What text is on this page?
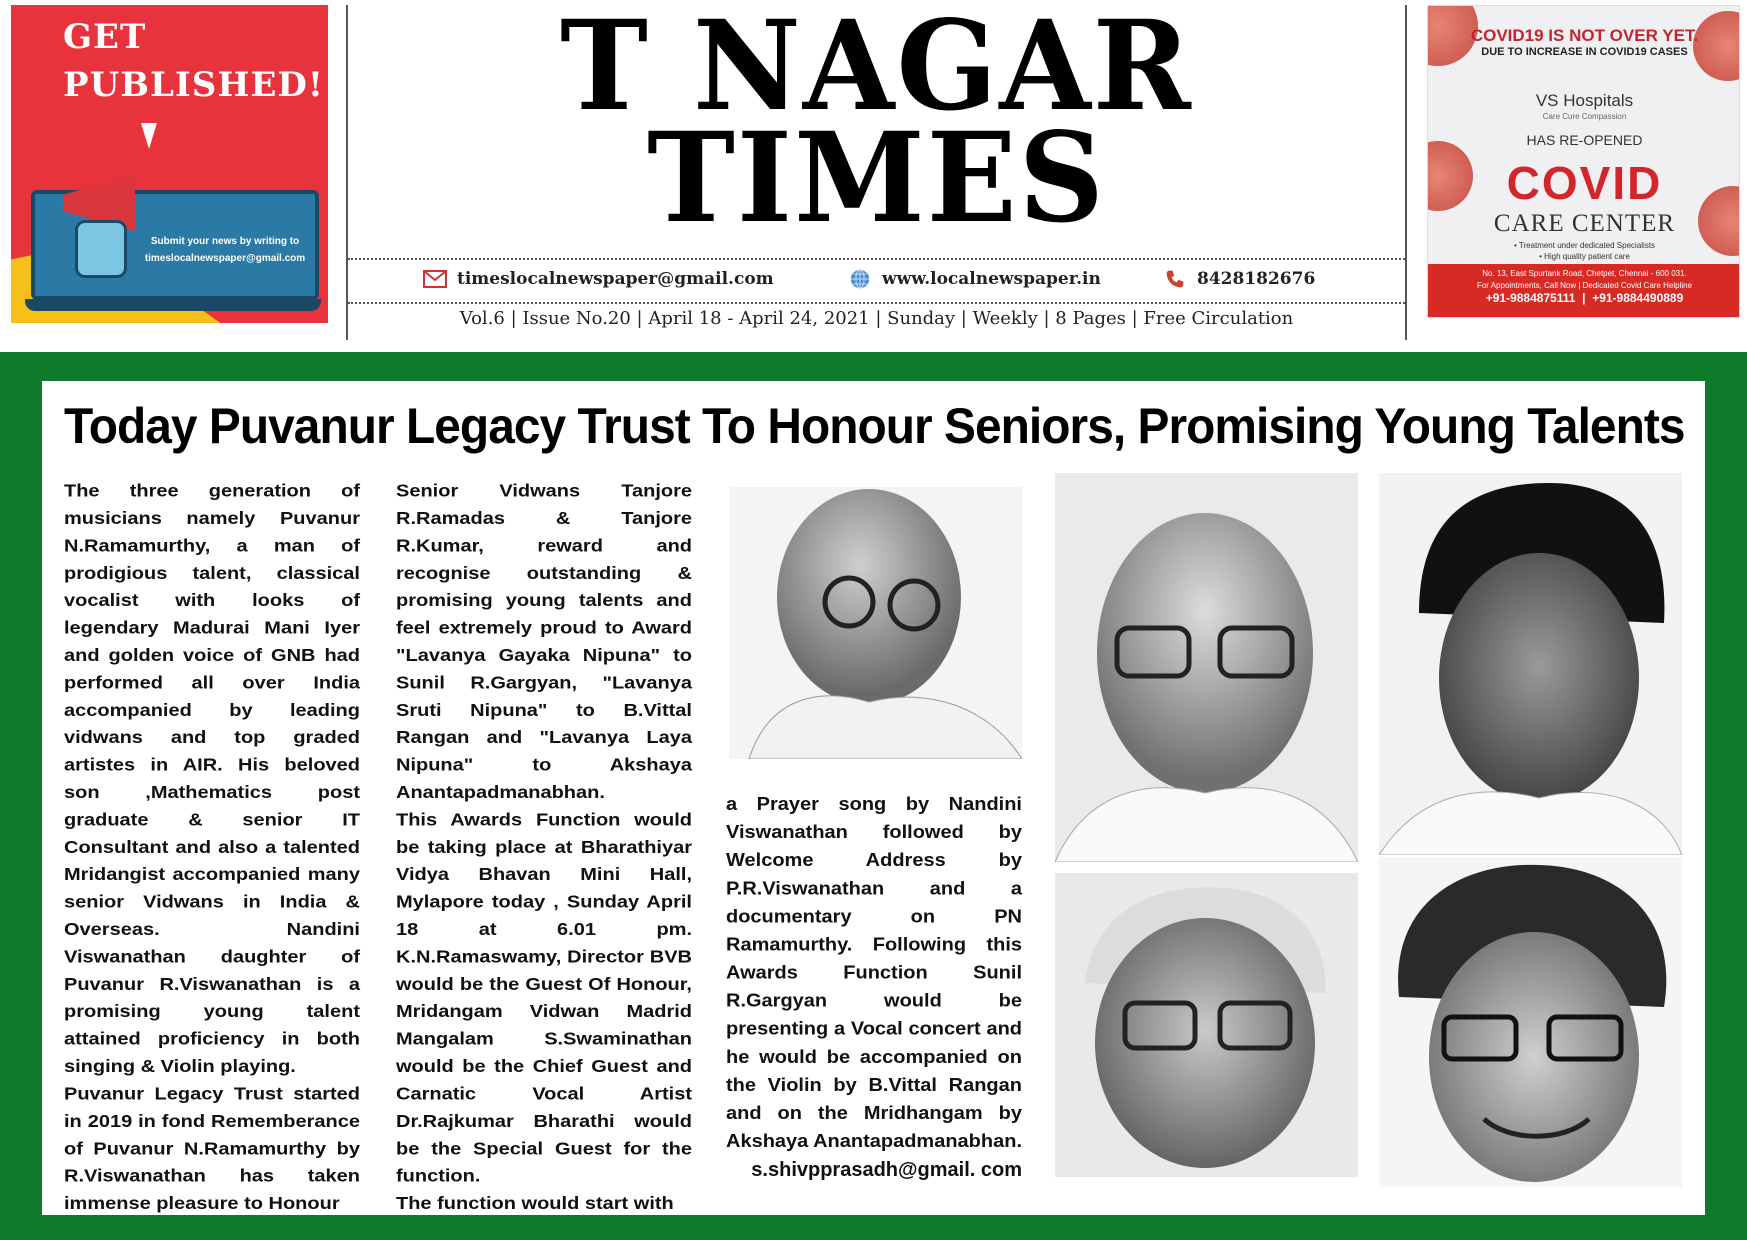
GET
PUBLISHED!
Submit your news by writing to
timeslocalnewspaper@gmail.com
T NAGAR
TIMES
timeslocalnewspaper@gmail.com	www.localnewspaper.in	8428182676
Vol.6 | Issue No.20 | April 18 - April 24, 2021 | Sunday | Weekly | 8 Pages | Free Circulation
COVID19 IS NOT OVER YET.
DUE TO INCREASE IN COVID19 CASES
VS Hospitals
Care Cure Compassion
HAS RE-OPENED
COVID
CARE CENTER
• Treatment under dedicated Specialists
• High quality patient care
No. 13, East Spurtank Road, Chetpet, Chennai - 600 031.
For Appointments, Call Now | Dedicated Covid Care Helpline
+91-9884875111  |  +91-9884490889
Today Puvanur Legacy Trust To Honour Seniors, Promising Young Talents

The three generation of musicians namely Puvanur N.Ramamurthy, a man of prodigious talent, classical vocalist with looks of legendary Madurai Mani Iyer and golden voice of GNB had performed all over India accompanied by leading vidwans and top graded artistes in AIR. His beloved son ,Mathematics post graduate & senior IT Consultant and also a talented Mridangist accompanied many senior Vidwans in India & Overseas. Nandini Viswanathan daughter of Puvanur R.Viswanathan is a promising young talent attained proficiency in both singing & Violin playing.

Puvanur Legacy Trust started in 2019 in fond Rememberance of Puvanur N.Ramamurthy by R.Viswanathan has taken immense pleasure to Honour

Senior Vidwans Tanjore R.Ramadas & Tanjore R.Kumar, reward and recognise outstanding & promising young talents and feel extremely proud to Award "Lavanya Gayaka Nipuna" to Sunil R.Gargyan, "Lavanya Sruti Nipuna" to B.Vittal Rangan and "Lavanya Laya Nipuna" to Akshaya Anantapadmanabhan.

This Awards Function would be taking place at Bharathiyar Vidya Bhavan Mini Hall, Mylapore today , Sunday April 18 at 6.01 pm. K.N.Ramaswamy, Director BVB would be the Guest Of Honour, Mridangam Vidwan Madrid Mangalam S.Swaminathan would be the Chief Guest and Carnatic Vocal Artist Dr.Rajkumar Bharathi would be the Special Guest for the function.

The function would start with

a Prayer song by Nandini Viswanathan followed by Welcome Address by P.R.Viswanathan and a documentary on PN Ramamurthy. Following this Awards Function Sunil R.Gargyan would be presenting a Vocal concert and he would be accompanied on the Violin by B.Vittal Rangan and on the Mridhangam by Akshaya Anantapadmanabhan.

s.shivpprasadh@gmail. com
